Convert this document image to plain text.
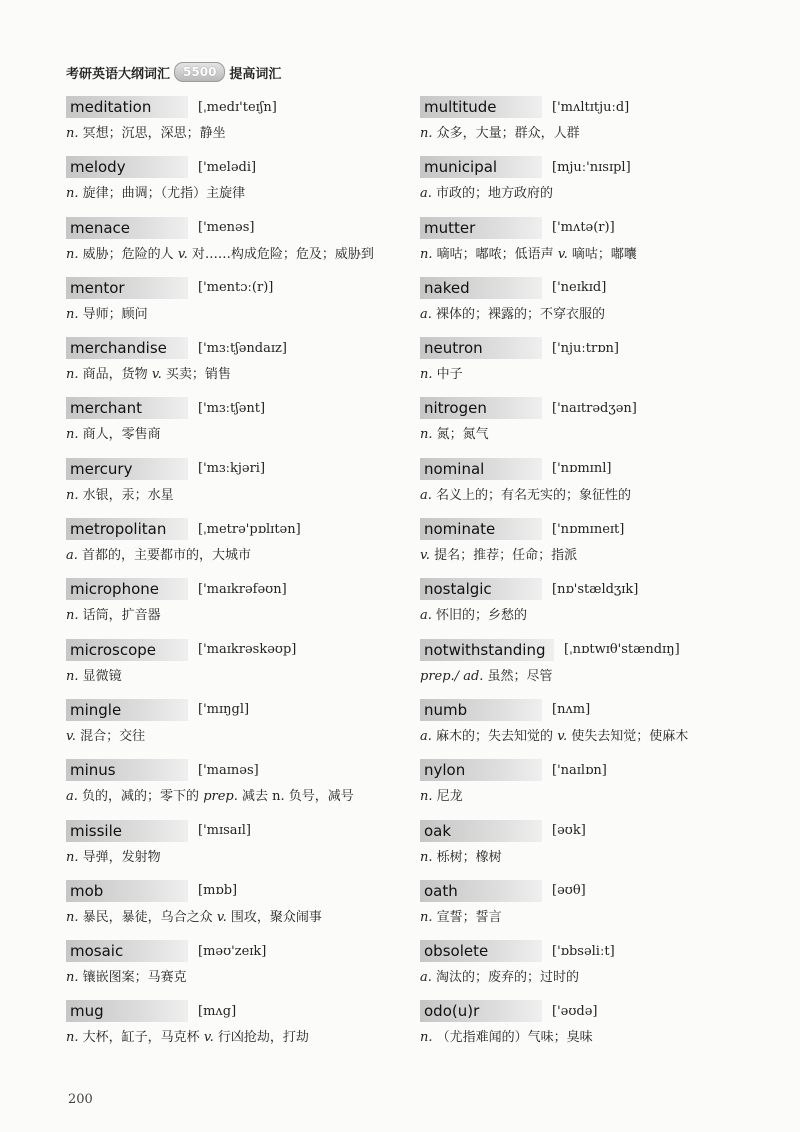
考研英语大纲词汇	5500	提高词汇
meditation	[ˌmedɪ'teɪʃn]
n. 冥想；沉思，深思；静坐
melody	['melədi]
n. 旋律；曲调；（尤指）主旋律
menace	['menəs]
n. 威胁；危险的人 v. 对……构成危险；危及；威胁到
mentor	['mentɔː(r)]
n. 导师；顾问
merchandise	['mɜːtʃəndaɪz]
n. 商品，货物 v. 买卖；销售
merchant	['mɜːtʃənt]
n. 商人，零售商
mercury	['mɜːkjəri]
n. 水银，汞；水星
metropolitan	[ˌmetrə'pɒlɪtən]
a. 首都的，主要都市的，大城市
microphone	['maɪkrəfəʊn]
n. 话筒，扩音器
microscope	['maɪkrəskəʊp]
n. 显微镜
mingle	['mɪŋgl]
v. 混合；交往
minus	['maɪnəs]
a. 负的，减的；零下的 prep. 减去 n. 负号，减号
missile	['mɪsaɪl]
n. 导弹，发射物
mob	[mɒb]
n. 暴民，暴徒，乌合之众 v. 围攻，聚众闹事
mosaic	[məʊ'zeɪk]
n. 镶嵌图案；马赛克
mug	[mʌg]
n. 大杯，缸子，马克杯 v. 行凶抢劫，打劫
multitude	['mʌltɪtjuːd]
n. 众多，大量；群众，人群
municipal	[mjuː'nɪsɪpl]
a. 市政的；地方政府的
mutter	['mʌtə(r)]
n. 嘀咕；嘟哝；低语声 v. 嘀咕；嘟囔
naked	['neɪkɪd]
a. 裸体的；裸露的；不穿衣服的
neutron	['njuːtrɒn]
n. 中子
nitrogen	['naɪtrədʒən]
n. 氮；氮气
nominal	['nɒmɪnl]
a. 名义上的；有名无实的；象征性的
nominate	['nɒmɪneɪt]
v. 提名；推荐；任命；指派
nostalgic	[nɒ'stældʒɪk]
a. 怀旧的；乡愁的
notwithstanding	[ˌnɒtwɪθ'stændɪŋ]
prep./ ad. 虽然；尽管
numb	[nʌm]
a. 麻木的；失去知觉的 v. 使失去知觉；使麻木
nylon	['naɪlɒn]
n. 尼龙
oak	[əʊk]
n. 栎树；橡树
oath	[əʊθ]
n. 宣誓；誓言
obsolete	['ɒbsəliːt]
a. 淘汰的；废弃的；过时的
odo(u)r	['əʊdə]
n. （尤指难闻的）气味；臭味
200
